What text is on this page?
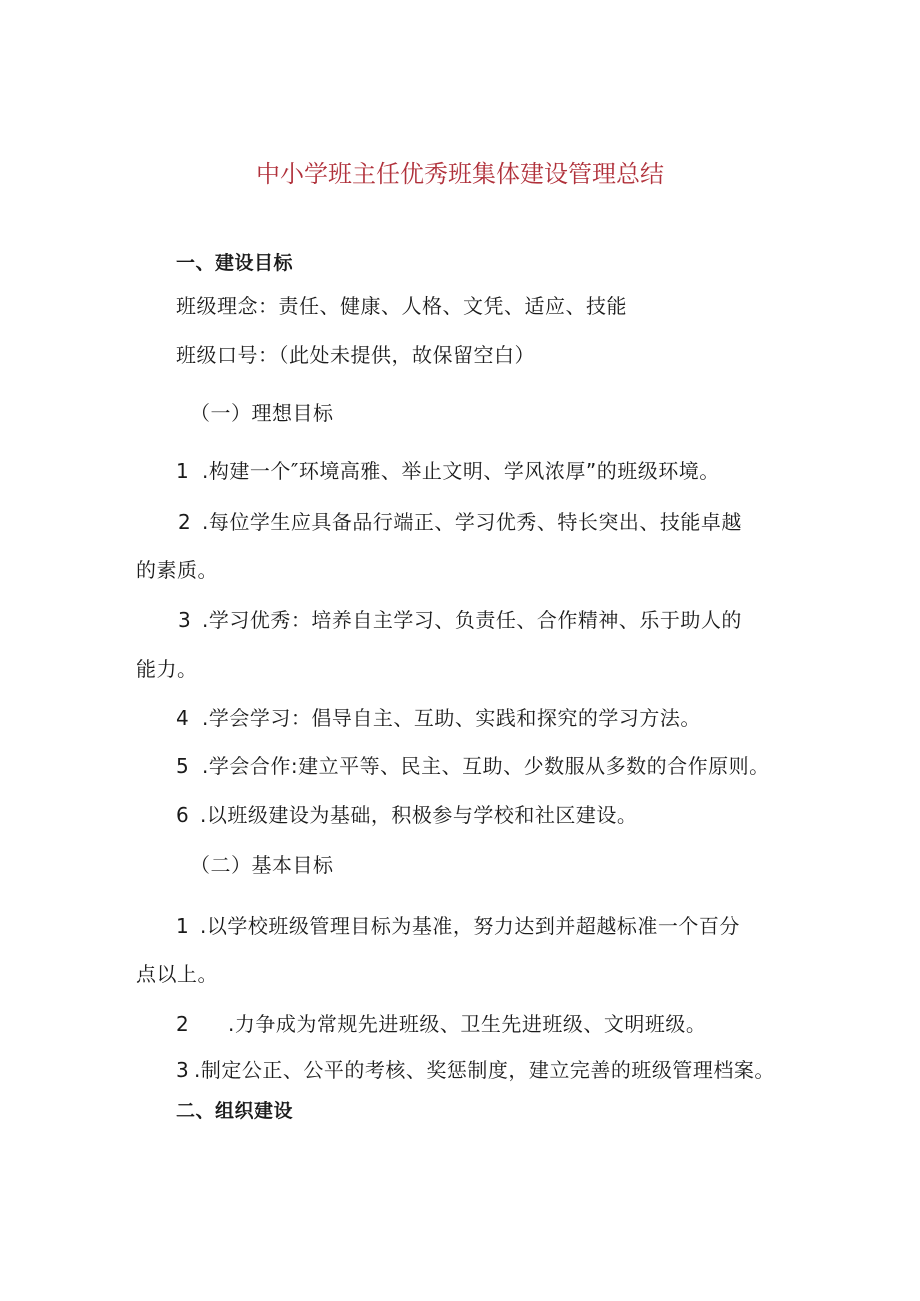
中小学班主任优秀班集体建设管理总结
一、建设目标
班级理念：责任、健康、人格、文凭、适应、技能
班级口号：（此处未提供，故保留空白）
（一）理想目标
1 .构建一个″环境高雅、举止文明、学风浓厚”的班级环境。
2 .每位学生应具备品行端正、学习优秀、特长突出、技能卓越
的素质。
3 .学习优秀：培养自主学习、负责任、合作精神、乐于助人的
能力。
4 .学会学习：倡导自主、互助、实践和探究的学习方法。
5 .学会合作:建立平等、民主、互助、少数服从多数的合作原则。
6 .以班级建设为基础，积极参与学校和社区建设。
（二）基本目标
1 .以学校班级管理目标为基准，努力达到并超越标准一个百分
点以上。
2 .力争成为常规先进班级、卫生先进班级、文明班级。
3 .制定公正、公平的考核、奖惩制度，建立完善的班级管理档案。
二、组织建设
